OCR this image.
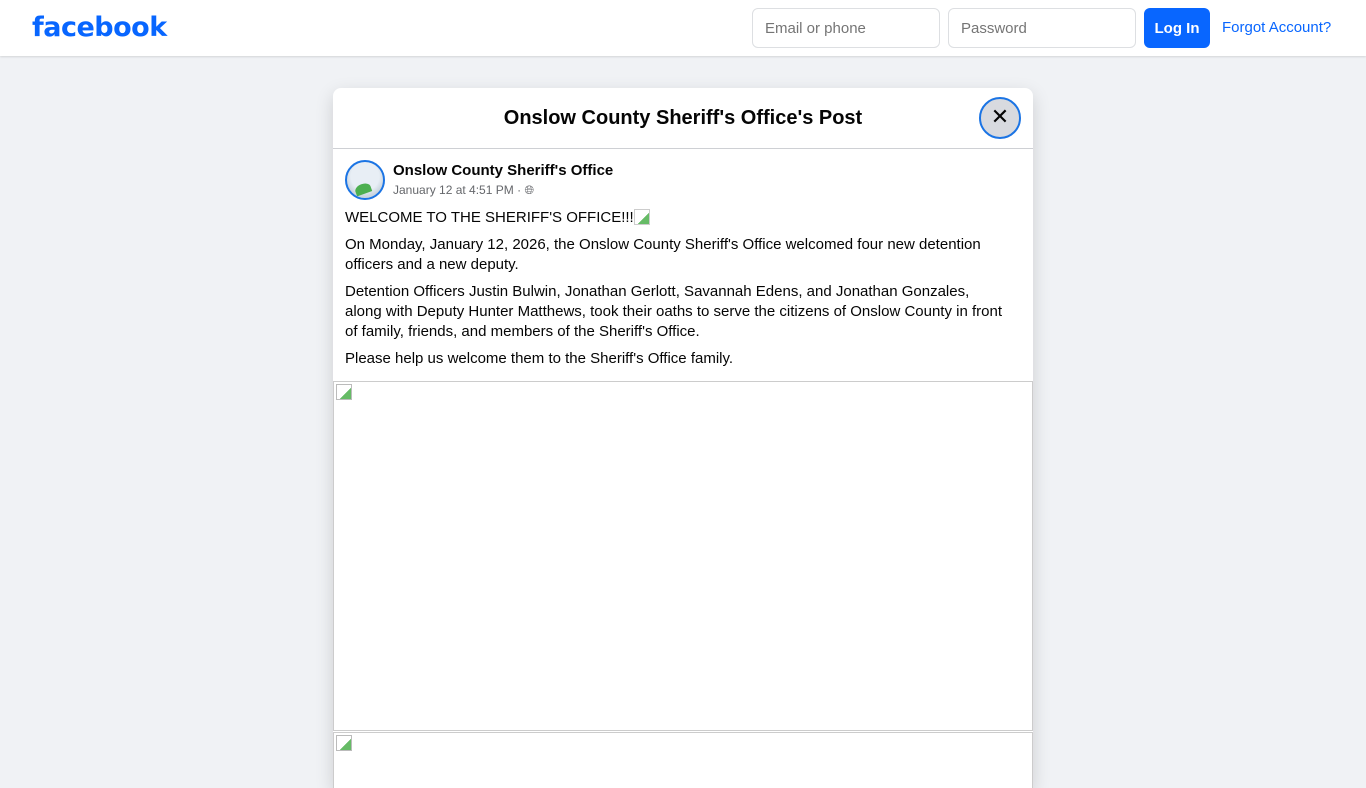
facebook
Email or phone	Log In	Forgot Account?
Onslow County Sheriff's Office's Post	✕
Onslow County Sheriff's Office
January 12 at 4:51 PM · 🌐︎

WELCOME TO THE SHERIFF'S OFFICE!!!

On Monday, January 12, 2026, the Onslow County Sheriff's Office welcomed four new detention officers and a new deputy.

Detention Officers Justin Bulwin, Jonathan Gerlott, Savannah Edens, and Jonathan Gonzales, along with Deputy Hunter Matthews, took their oaths to serve the citizens of Onslow County in front of family, friends, and members of the Sheriff's Office.

Please help us welcome them to the Sheriff's Office family.
